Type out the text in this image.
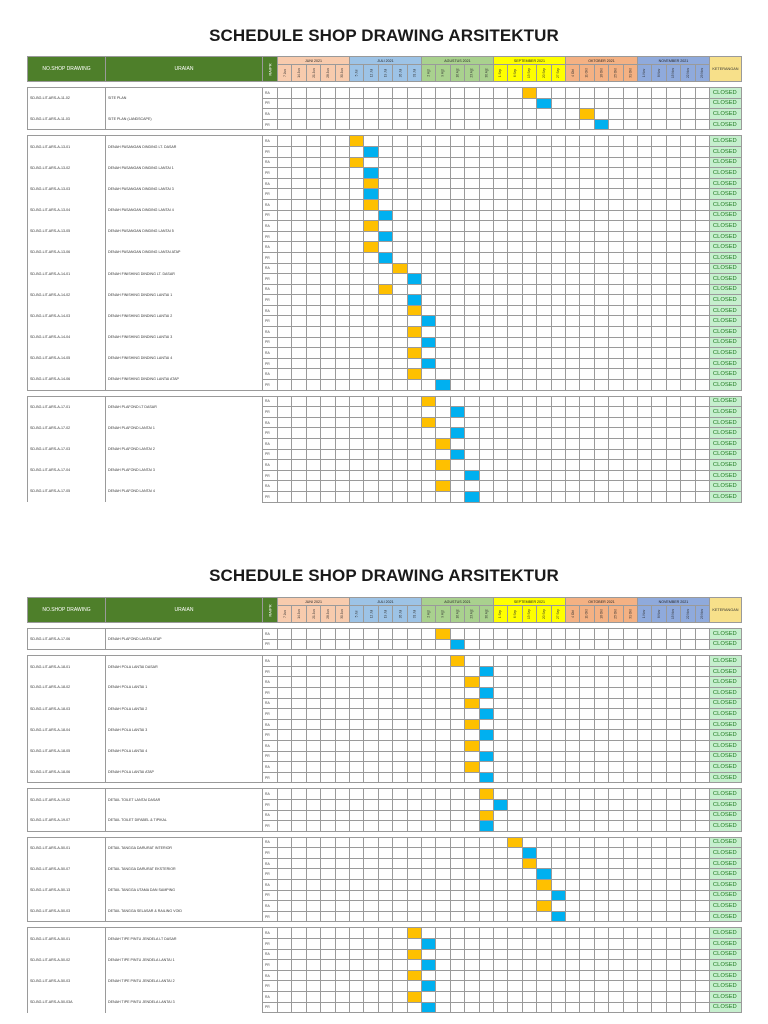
SCHEDULE SHOP DRAWING ARSITEKTUR
NO.SHOP DRAWING	URAIAN	RA/PR	JUNI 2021					JULI 2021					AGUSTUS 2021					SEPTEMBER 2021					OKTOBER 2021					NOVEMBER 2021					KETERANGAN
			7 Jun	14 Jun	21 Jun	28 Jun	30 Jun	5 Jul	12 Jul	19 Jul	26 Jul	31 Jul	2 Agt	9 Agt	16 Agt	23 Agt	30 Agt	1 Sep	6 Sep	13 Sep	20 Sep	27 Sep	4 Okt	11 Okt	18 Okt	25 Okt	31 Okt	1 Nov	8 Nov	15 Nov	22 Nov	29 Nov	

SD-BG-LIT-ARS-A-11-02	SITE PLAN	RA																															CLOSED
		PR																															CLOSED
SD-BG-LIT-ARS-A-11-03	SITE PLAN (LANDSCAPE)	RA																															CLOSED
		PR																															CLOSED

SD-BG-LIT-ARS-A-13-01	DENAH PASANGAN DINDING LT. DASAR	RA																															CLOSED
		PR																															CLOSED
SD-BG-LIT-ARS-A-13-02	DENAH PASANGAN DINDING LANTAI 1	RA																															CLOSED
		PR																															CLOSED
SD-BG-LIT-ARS-A-13-03	DENAH PASANGAN DINDING LANTAI 3	RA																															CLOSED
		PR																															CLOSED
SD-BG-LIT-ARS-A-13-04	DENAH PASANGAN DINDING LANTAI 4	RA																															CLOSED
		PR																															CLOSED
SD-BG-LIT-ARS-A-13-05	DENAH PASANGAN DINDING LANTAI 5	RA																															CLOSED
		PR																															CLOSED
SD-BG-LIT-ARS-A-13-06	DENAH PASANGAN DINDING LANTAI ATAP	RA																															CLOSED
		PR																															CLOSED
SD-BG-LIT-ARS-A-14-01	DENAH FINISHING DINDING LT. DASAR	RA																															CLOSED
		PR																															CLOSED
SD-BG-LIT-ARS-A-14-02	DENAH FINISHING DINDING LANTAI 1	RA																															CLOSED
		PR																															CLOSED
SD-BG-LIT-ARS-A-14-03	DENAH FINISHING DINDING LANTAI 2	RA																															CLOSED
		PR																															CLOSED
SD-BG-LIT-ARS-A-14-04	DENAH FINISHING DINDING LANTAI 3	RA																															CLOSED
		PR																															CLOSED
SD-BG-LIT-ARS-A-14-05	DENAH FINISHING DINDING LANTAI 4	RA																															CLOSED
		PR																															CLOSED
SD-BG-LIT-ARS-A-14-06	DENAH FINISHING DINDING LANTAI ATAP	RA																															CLOSED
		PR																															CLOSED

SD-BG-LIT-ARS-A-17-01	DENAH PLAFOND LT DASAR	RA																															CLOSED
		PR																															CLOSED
SD-BG-LIT-ARS-A-17-02	DENAH PLAFOND LANTAI 1	RA																															CLOSED
		PR																															CLOSED
SD-BG-LIT-ARS-A-17-03	DENAH PLAFOND LANTAI 2	RA																															CLOSED
		PR																															CLOSED
SD-BG-LIT-ARS-A-17-04	DENAH PLAFOND LANTAI 3	RA																															CLOSED
		PR																															CLOSED
SD-BG-LIT-ARS-A-17-05	DENAH PLAFOND LANTAI 4	RA																															CLOSED
		PR																															CLOSED
SCHEDULE SHOP DRAWING ARSITEKTUR
NO.SHOP DRAWING	URAIAN	RA/PR	JUNI 2021					JULI 2021					AGUSTUS 2021					SEPTEMBER 2021					OKTOBER 2021					NOVEMBER 2021					KETERANGAN
			7 Jun	14 Jun	21 Jun	28 Jun	30 Jun	5 Jul	12 Jul	19 Jul	26 Jul	31 Jul	2 Agt	9 Agt	16 Agt	23 Agt	30 Agt	1 Sep	6 Sep	13 Sep	20 Sep	27 Sep	4 Okt	11 Okt	18 Okt	25 Okt	31 Okt	1 Nov	8 Nov	15 Nov	22 Nov	29 Nov	

SD-BG-LIT-ARS-A-17-06	DENAH PLAFOND LANTAI ATAP	RA																															CLOSED
		PR																															CLOSED

SD-BG-LIT-ARS-A-18-01	DENAH POLA LANTAI DASAR	RA																															CLOSED
		PR																															CLOSED
SD-BG-LIT-ARS-A-18-02	DENAH POLA LANTAI 1	RA																															CLOSED
		PR																															CLOSED
SD-BG-LIT-ARS-A-18-03	DENAH POLA LANTAI 2	RA																															CLOSED
		PR																															CLOSED
SD-BG-LIT-ARS-A-18-04	DENAH POLA LANTAI 3	RA																															CLOSED
		PR																															CLOSED
SD-BG-LIT-ARS-A-18-05	DENAH POLA LANTAI 4	RA																															CLOSED
		PR																															CLOSED
SD-BG-LIT-ARS-A-18-06	DENAH POLA LANTAI ATAP	RA																															CLOSED
		PR																															CLOSED

SD-BG-LIT-ARS-A-19-02	DETAIL TOILET LANTAI DASAR	RA																															CLOSED
		PR																															CLOSED
SD-BG-LIT-ARS-A-19-07	DETAIL TOILET DIFABEL & TIPIKAL	RA																															CLOSED
		PR																															CLOSED

SD-BG-LIT-ARS-A-50-01	DETAIL TANGGA DARURAT INTERIOR	RA																															CLOSED
		PR																															CLOSED
SD-BG-LIT-ARS-A-50-07	DETAIL TANGGA DARURAT EKSTERIOR	RA																															CLOSED
		PR																															CLOSED
SD-BG-LIT-ARS-A-50-13	DETAIL TANGGA UTAMA DAN SAMPING	RA																															CLOSED
		PR																															CLOSED
SD-BG-LIT-ARS-A-50-03	DETAIL TANGGA SELASAR & RAILING VOID	RA																															CLOSED
		PR																															CLOSED

SD-BG-LIT-ARS-A-50-01	DENAH TIPE PINTU JENDELA LT DASAR	RA																															CLOSED
		PR																															CLOSED
SD-BG-LIT-ARS-A-50-02	DENAH TIPE PINTU JENDELA LANTAI 1	RA																															CLOSED
		PR																															CLOSED
SD-BG-LIT-ARS-A-50-03	DENAH TIPE PINTU JENDELA LANTAI 2	RA																															CLOSED
		PR																															CLOSED
SD-BG-LIT-ARS-A-50-03A	DENAH TIPE PINTU JENDELA LANTAI 3	RA																															CLOSED
		PR																															CLOSED
